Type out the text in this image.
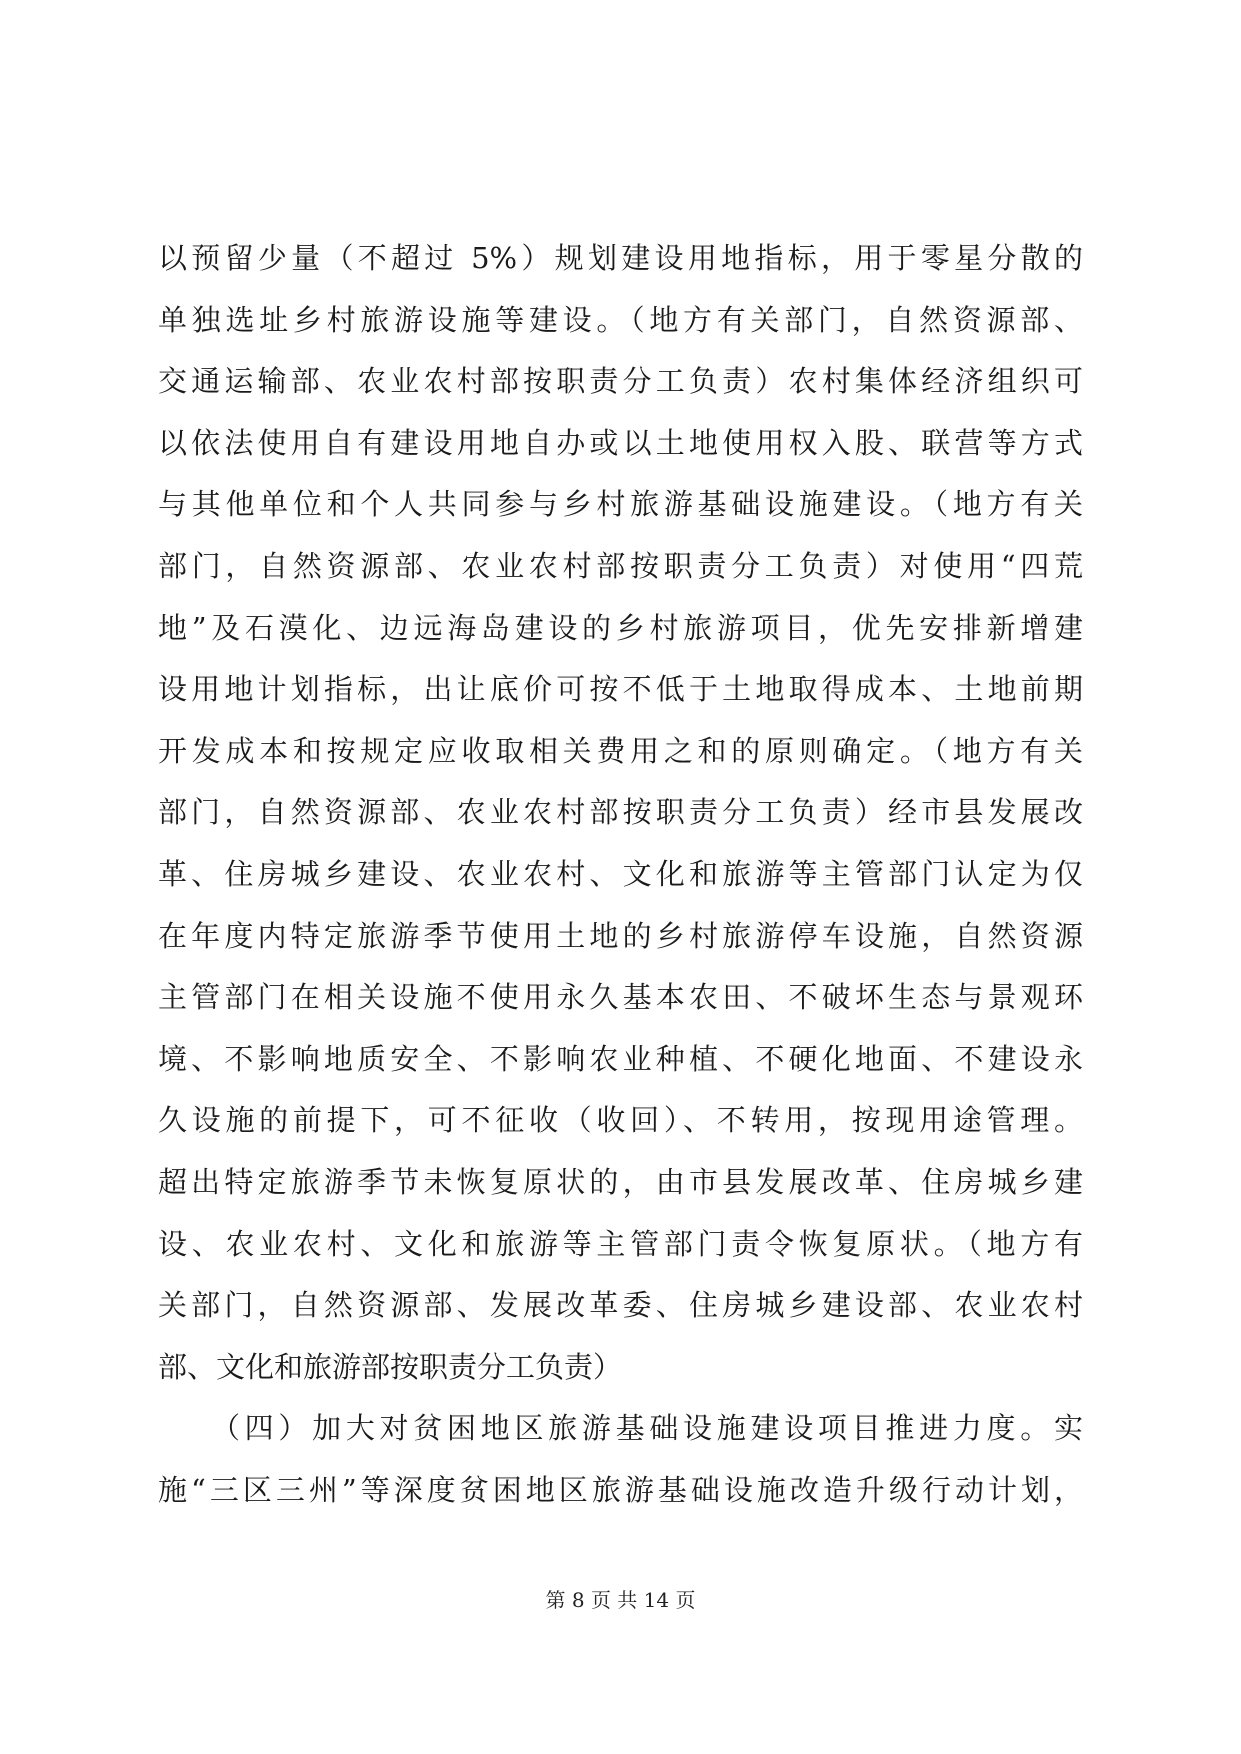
以预留少量（不超过 5%）规划建设用地指标，用于零星分散的
单独选址乡村旅游设施等建设。（地方有关部门，自然资源部、
交通运输部、农业农村部按职责分工负责）农村集体经济组织可
以依法使用自有建设用地自办或以土地使用权入股、联营等方式
与其他单位和个人共同参与乡村旅游基础设施建设。（地方有关
部门，自然资源部、农业农村部按职责分工负责）对使用“四荒
地”及石漠化、边远海岛建设的乡村旅游项目，优先安排新增建
设用地计划指标，出让底价可按不低于土地取得成本、土地前期
开发成本和按规定应收取相关费用之和的原则确定。（地方有关
部门，自然资源部、农业农村部按职责分工负责）经市县发展改
革、住房城乡建设、农业农村、文化和旅游等主管部门认定为仅
在年度内特定旅游季节使用土地的乡村旅游停车设施，自然资源
主管部门在相关设施不使用永久基本农田、不破坏生态与景观环
境、不影响地质安全、不影响农业种植、不硬化地面、不建设永
久设施的前提下，可不征收（收回）、不转用，按现用途管理。
超出特定旅游季节未恢复原状的，由市县发展改革、住房城乡建
设、农业农村、文化和旅游等主管部门责令恢复原状。（地方有
关部门，自然资源部、发展改革委、住房城乡建设部、农业农村
部、文化和旅游部按职责分工负责）
　　（四）加大对贫困地区旅游基础设施建设项目推进力度。实
施“三区三州”等深度贫困地区旅游基础设施改造升级行动计划，
第 8 页 共 14 页
